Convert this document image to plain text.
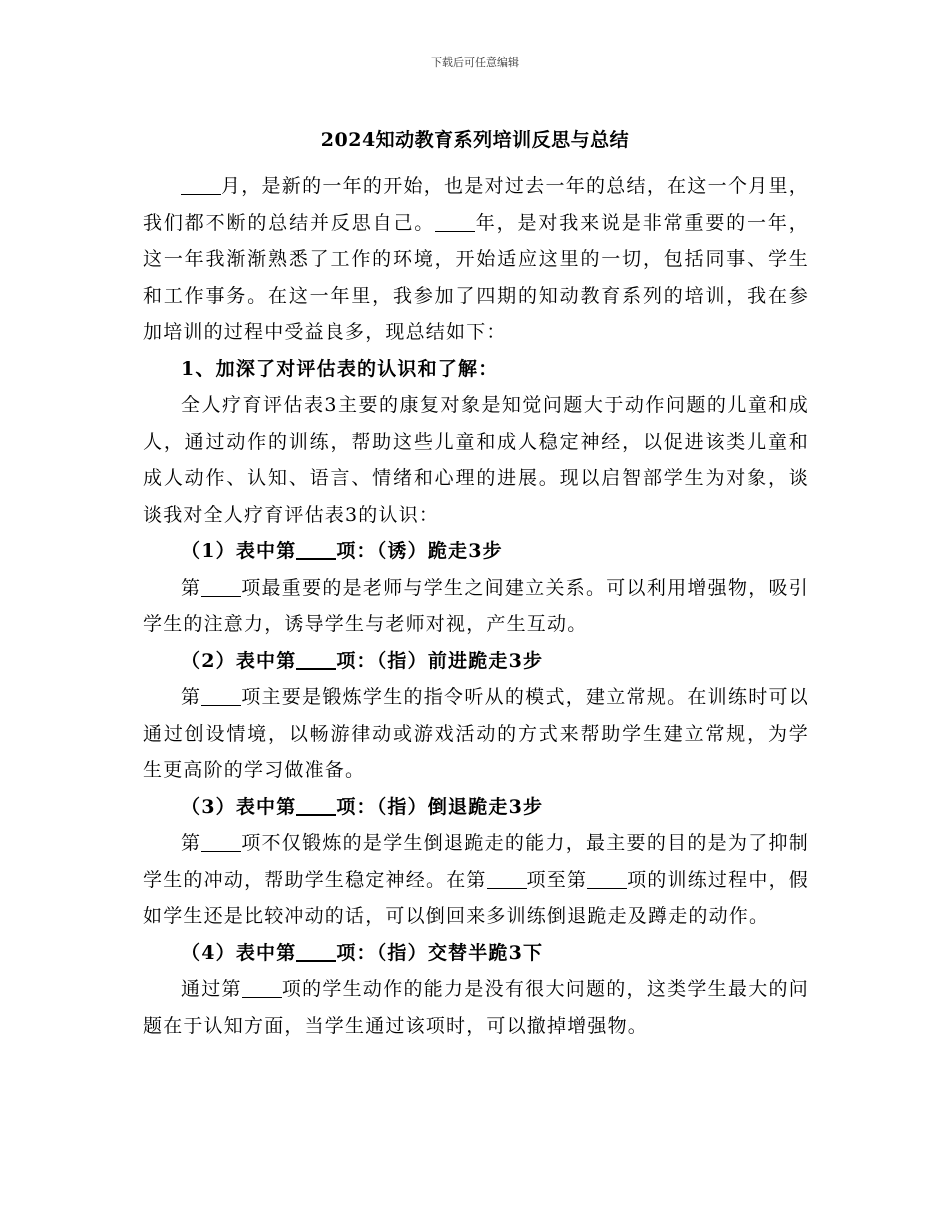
下载后可任意编辑
2024知动教育系列培训反思与总结

月，是新的一年的开始，也是对过去一年的总结，在这一个月里，我们都不断的总结并反思自己。 年，是对我来说是非常重要的一年，这一年我渐渐熟悉了工作的环境，开始适应这里的一切，包括同事、学生和工作事务。在这一年里，我参加了四期的知动教育系列的培训，我在参加培训的过程中受益良多，现总结如下：

1、加深了对评估表的认识和了解：

全人疗育评估表3主要的康复对象是知觉问题大于动作问题的儿童和成人，通过动作的训练，帮助这些儿童和成人稳定神经，以促进该类儿童和成人动作、认知、语言、情绪和心理的进展。现以启智部学生为对象，谈谈我对全人疗育评估表3的认识：

（1）表中第 项：（诱）跪走3步

第 项最重要的是老师与学生之间建立关系。可以利用增强物，吸引学生的注意力，诱导学生与老师对视，产生互动。

（2）表中第 项：（指）前进跪走3步

第 项主要是锻炼学生的指令听从的模式，建立常规。在训练时可以通过创设情境，以畅游律动或游戏活动的方式来帮助学生建立常规，为学生更高阶的学习做准备。

（3）表中第 项：（指）倒退跪走3步

第 项不仅锻炼的是学生倒退跪走的能力，最主要的目的是为了抑制学生的冲动，帮助学生稳定神经。在第 项至第 项的训练过程中，假如学生还是比较冲动的话，可以倒回来多训练倒退跪走及蹲走的动作。

（4）表中第 项：（指）交替半跪3下

通过第 项的学生动作的能力是没有很大问题的，这类学生最大的问题在于认知方面，当学生通过该项时，可以撤掉增强物。
